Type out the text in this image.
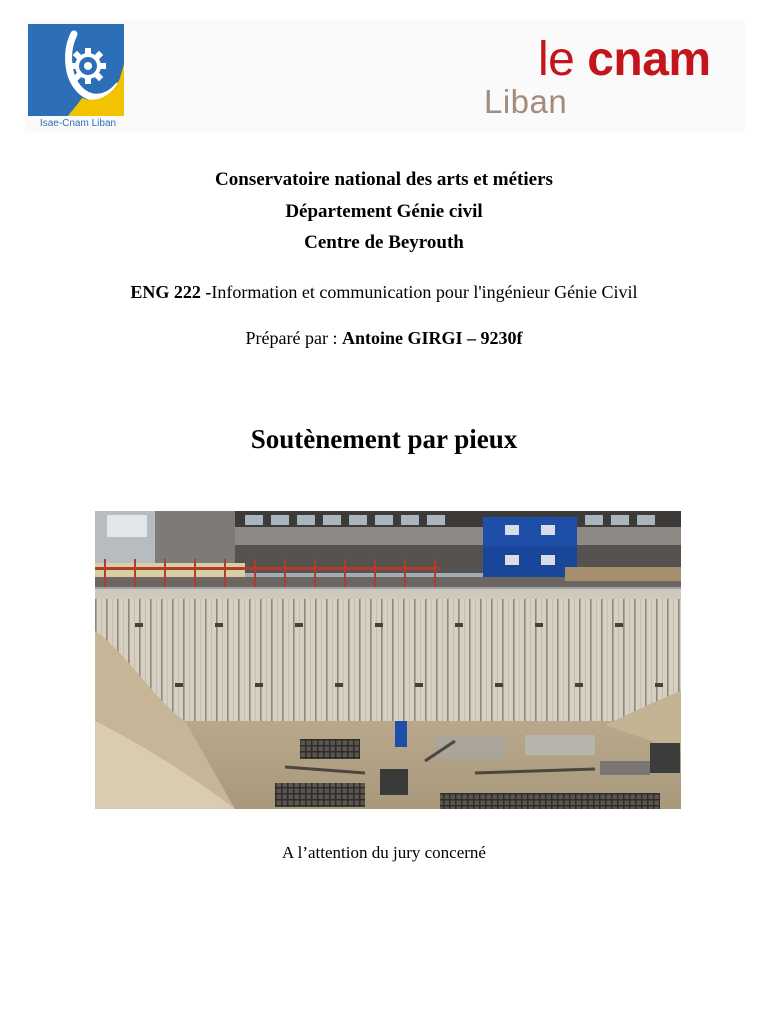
Isae-Cnam Liban
le cnam
Liban
Conservatoire national des arts et métiers
Département Génie civil
Centre de Beyrouth
ENG 222 -Information et communication pour l'ingénieur Génie Civil
Préparé par : Antoine GIRGI – 9230f
Soutènement par pieux
A l’attention du jury concerné
